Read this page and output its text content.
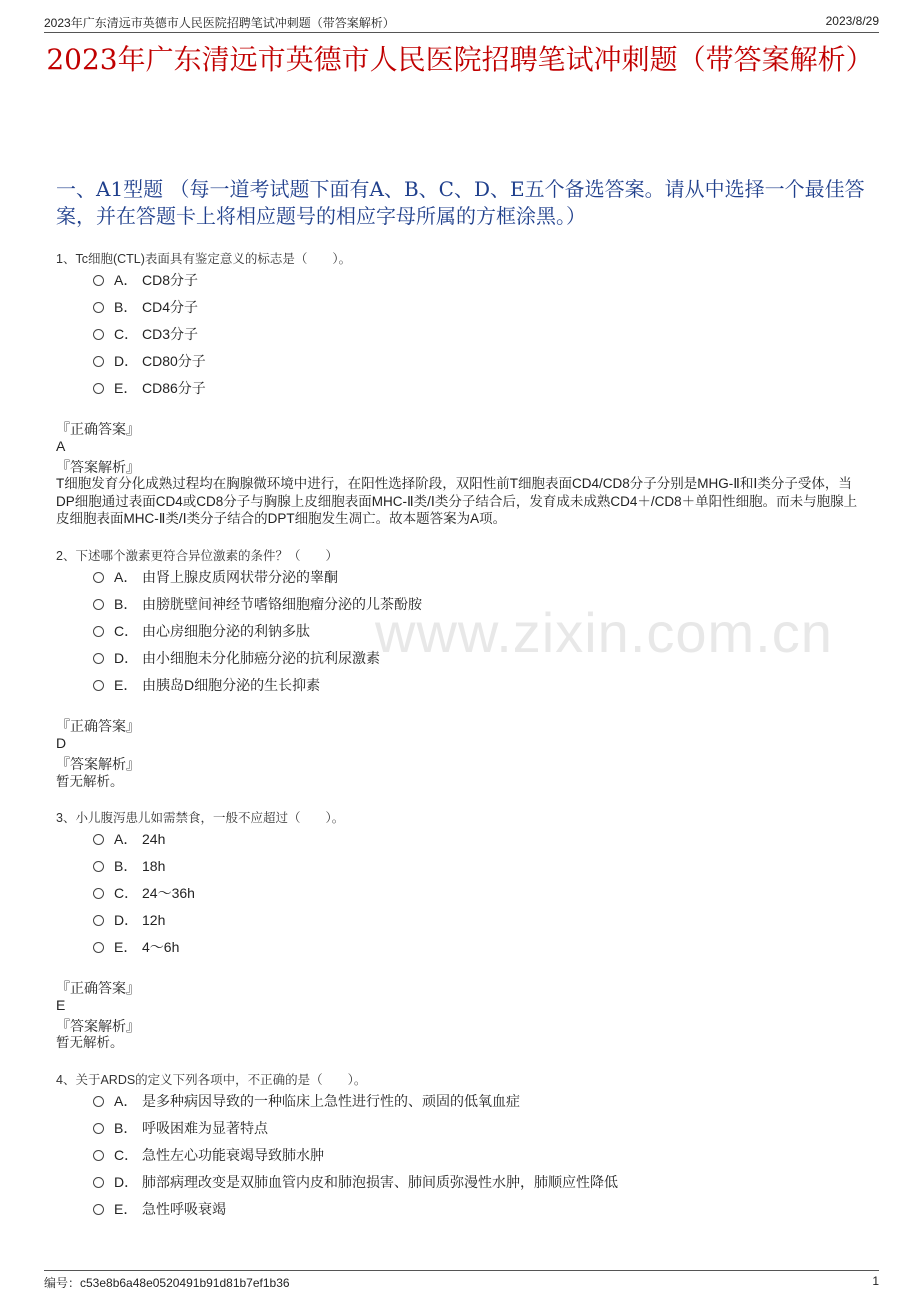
2023年广东清远市英德市人民医院招聘笔试冲刺题（带答案解析）	2023/8/29
www.zixin.com.cn
2023年广东清远市英德市人民医院招聘笔试冲刺题（带答案解析）
一、A1型题 （每一道考试题下面有A、B、C、D、E五个备选答案。请从中选择一个最佳答案，并在答题卡上将相应题号的相应字母所属的方框涂黑。）
1、Tc细胞(CTL)表面具有鉴定意义的标志是（　　）。
A． CD8分子
B． CD4分子
C． CD3分子
D． CD80分子
E． CD86分子
『正确答案』
A
『答案解析』
T细胞发育分化成熟过程均在胸腺微环境中进行，在阳性选择阶段，双阳性前T细胞表面CD4/CD8分子分别是MHG-Ⅱ和Ⅰ类分子受体，当DP细胞通过表面CD4或CD8分子与胸腺上皮细胞表面MHC-Ⅱ类/Ⅰ类分子结合后，发育成未成熟CD4＋/CD8＋单阳性细胞。而未与胞腺上皮细胞表面MHC-Ⅱ类/Ⅰ类分子结合的DPT细胞发生凋亡。故本题答案为A项。
2、下述哪个激素更符合异位激素的条件？（　　）
A． 由肾上腺皮质网状带分泌的睾酮
B． 由膀胱壁间神经节嗜铬细胞瘤分泌的儿茶酚胺
C． 由心房细胞分泌的利钠多肽
D． 由小细胞未分化肺癌分泌的抗利尿激素
E． 由胰岛D细胞分泌的生长抑素
『正确答案』
D
『答案解析』
暂无解析。
3、小儿腹泻患儿如需禁食，一般不应超过（　　）。
A． 24h
B． 18h
C． 24～36h
D． 12h
E． 4～6h
『正确答案』
E
『答案解析』
暂无解析。
4、关于ARDS的定义下列各项中，不正确的是（　　）。
A． 是多种病因导致的一种临床上急性进行性的、顽固的低氧血症
B． 呼吸困难为显著特点
C． 急性左心功能衰竭导致肺水肿
D． 肺部病理改变是双肺血管内皮和肺泡损害、肺间质弥漫性水肿，肺顺应性降低
E． 急性呼吸衰竭
编号：c53e8b6a48e0520491b91d81b7ef1b36	1
